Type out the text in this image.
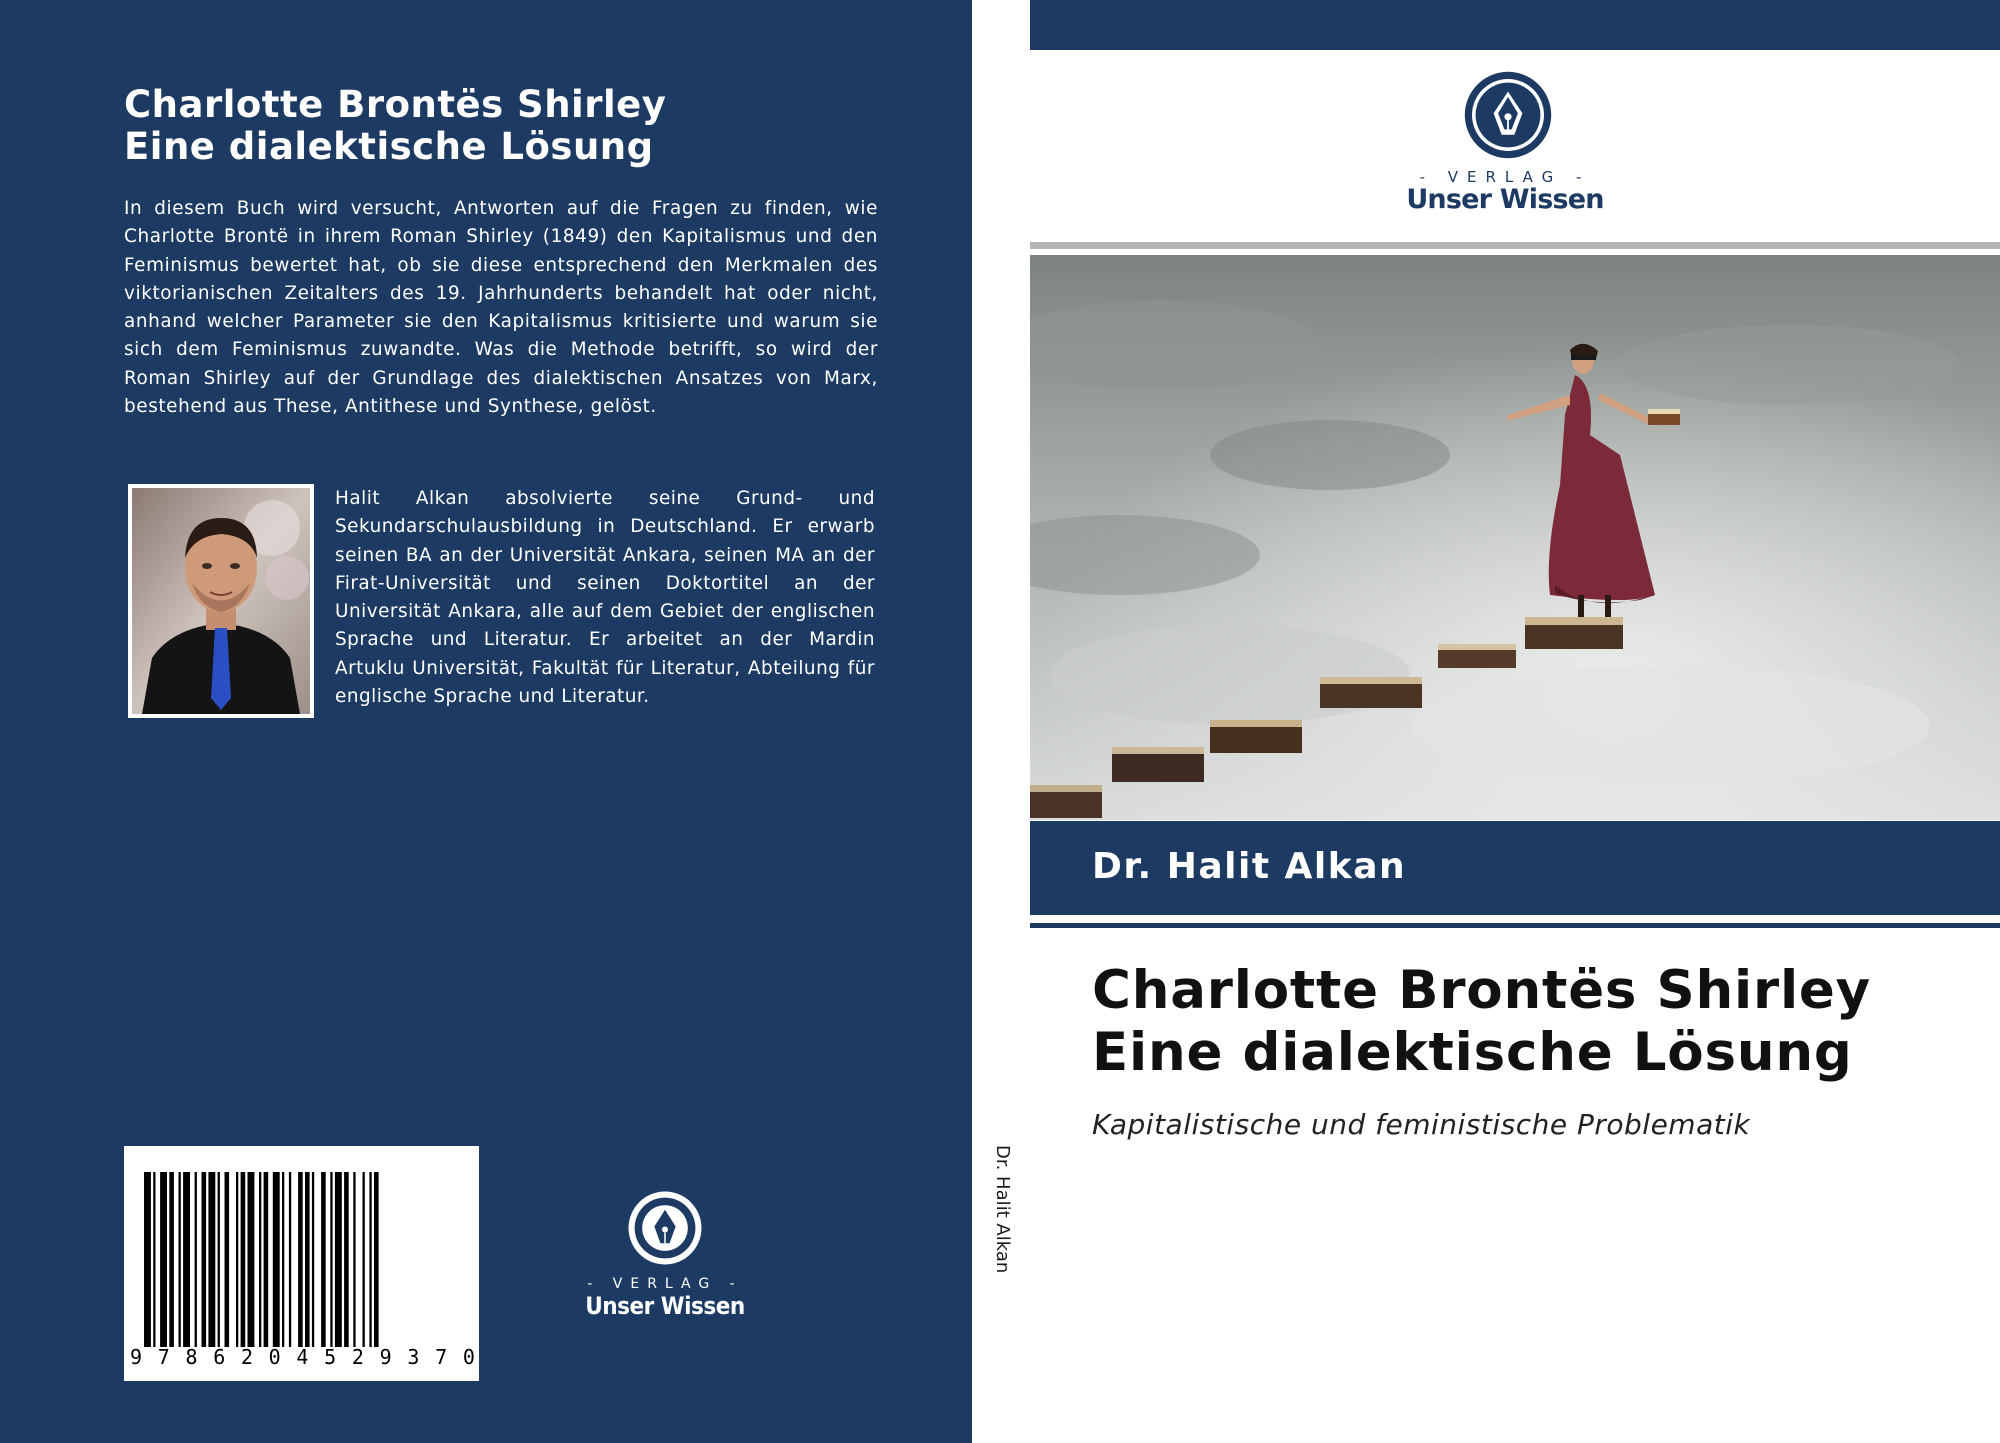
Charlotte Brontës Shirley
Eine dialektische Lösung
In diesem Buch wird versucht, Antworten auf die Fragen zu finden, wie Charlotte Brontë in ihrem Roman Shirley (1849) den Kapitalismus und den Feminismus bewertet hat, ob sie diese entsprechend den Merkmalen des viktorianischen Zeitalters des 19. Jahrhunderts behandelt hat oder nicht, anhand welcher Parameter sie den Kapitalismus kritisierte und warum sie sich dem Feminismus zuwandte. Was die Methode betrifft, so wird der Roman Shirley auf der Grundlage des dialektischen Ansatzes von Marx, bestehend aus These, Antithese und Synthese, gelöst.
Halit Alkan absolvierte seine Grund- und Sekundarschulausbildung in Deutschland. Er erwarb seinen BA an der Universität Ankara, seinen MA an der Firat-Universität und seinen Doktortitel an der Universität Ankara, alle auf dem Gebiet der englischen Sprache und Literatur. Er arbeitet an der Mardin Artuklu Universität, Fakultät für Literatur, Abteilung für englische Sprache und Literatur.
9 7 8 6 2 0 4 5 2 9 3 7 0
- VERLAG -
Unser Wissen
Dr. Halit Alkan
- VERLAG -
Unser Wissen
Dr. Halit Alkan
Charlotte Brontës Shirley
Eine dialektische Lösung
Kapitalistische und feministische Problematik
